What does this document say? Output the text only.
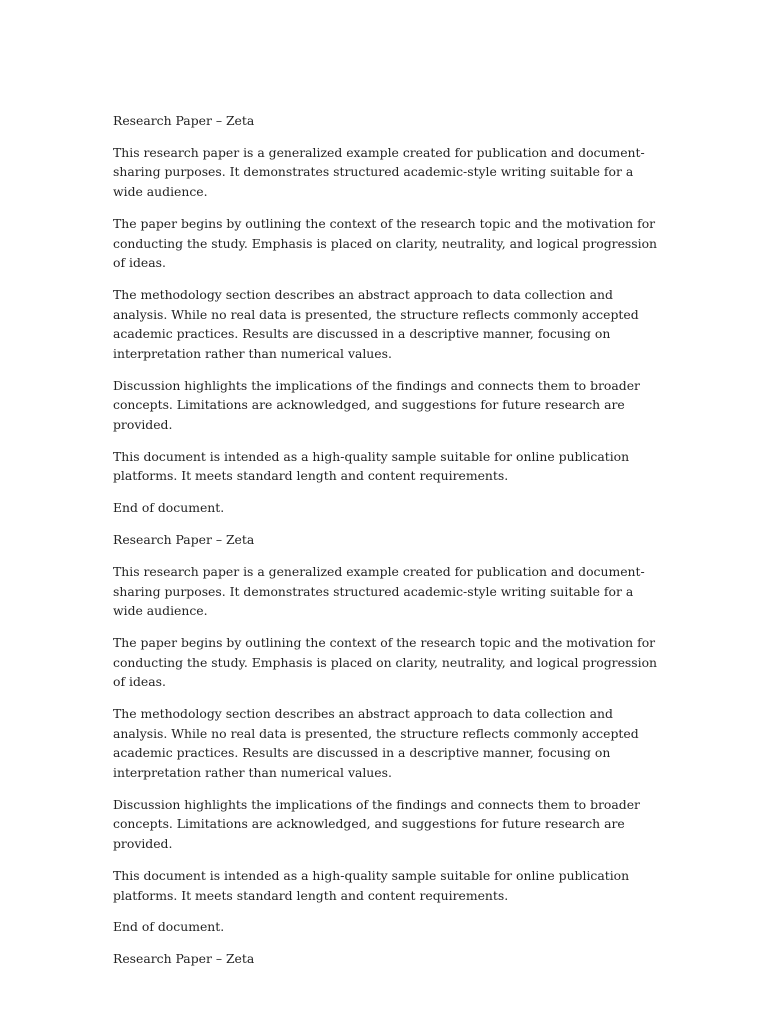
Research Paper – Zeta

This research paper is a generalized example created for publication and document-sharing purposes. It demonstrates structured academic-style writing suitable for a wide audience.

The paper begins by outlining the context of the research topic and the motivation for conducting the study. Emphasis is placed on clarity, neutrality, and logical progression of ideas.

The methodology section describes an abstract approach to data collection and analysis. While no real data is presented, the structure reflects commonly accepted academic practices. Results are discussed in a descriptive manner, focusing on interpretation rather than numerical values.

Discussion highlights the implications of the findings and connects them to broader concepts. Limitations are acknowledged, and suggestions for future research are provided.

This document is intended as a high-quality sample suitable for online publication platforms. It meets standard length and content requirements.

End of document.

Research Paper – Zeta

This research paper is a generalized example created for publication and document-sharing purposes. It demonstrates structured academic-style writing suitable for a wide audience.

The paper begins by outlining the context of the research topic and the motivation for conducting the study. Emphasis is placed on clarity, neutrality, and logical progression of ideas.

The methodology section describes an abstract approach to data collection and analysis. While no real data is presented, the structure reflects commonly accepted academic practices. Results are discussed in a descriptive manner, focusing on interpretation rather than numerical values.

Discussion highlights the implications of the findings and connects them to broader concepts. Limitations are acknowledged, and suggestions for future research are provided.

This document is intended as a high-quality sample suitable for online publication platforms. It meets standard length and content requirements.

End of document.

Research Paper – Zeta
